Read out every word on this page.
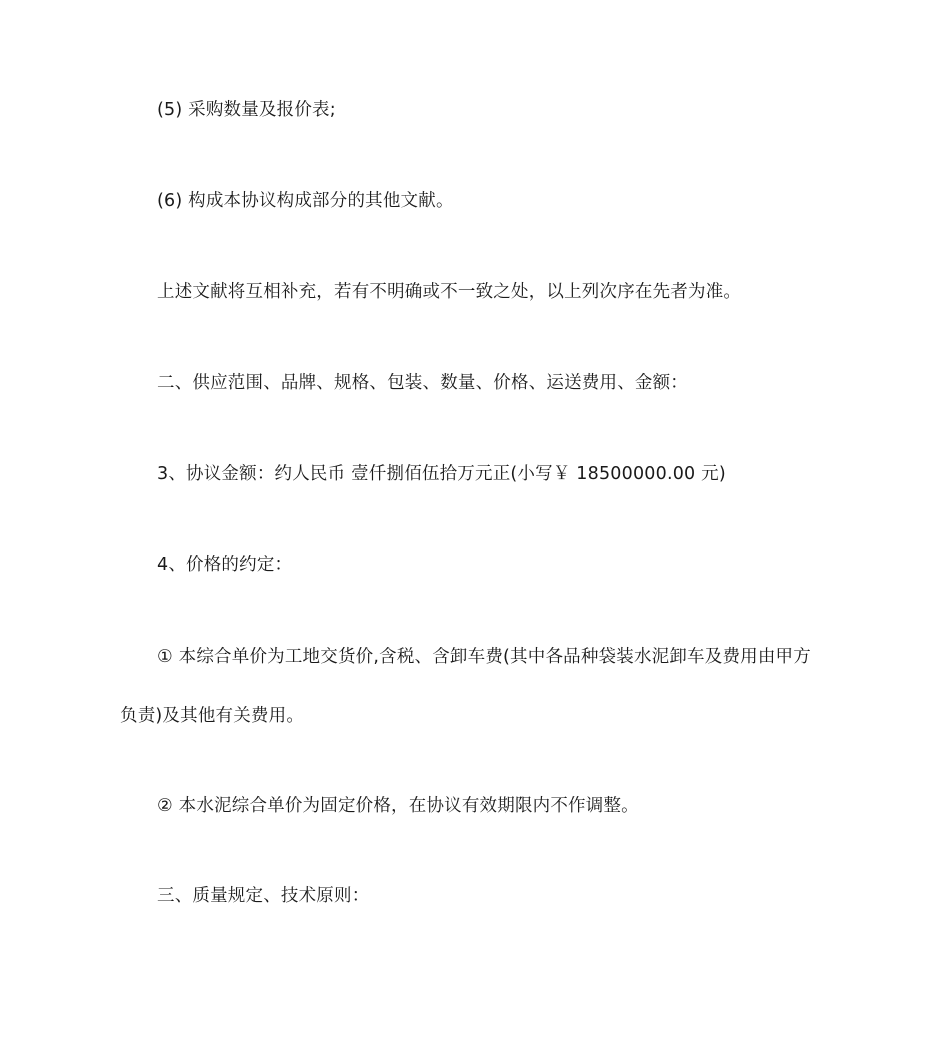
(5) 采购数量及报价表;
(6) 构成本协议构成部分的其他文献。
上述文献将互相补充，若有不明确或不一致之处，以上列次序在先者为准。
二、供应范围、品牌、规格、包装、数量、价格、运送费用、金额：
3、协议金额：约人民币 壹仟捌佰伍拾万元正(小写￥ 18500000.00 元)
4、价格的约定：
① 本综合单价为工地交货价,含税、含卸车费(其中各品种袋装水泥卸车及费用由甲方
负责)及其他有关费用。
② 本水泥综合单价为固定价格，在协议有效期限内不作调整。
三、质量规定、技术原则：
